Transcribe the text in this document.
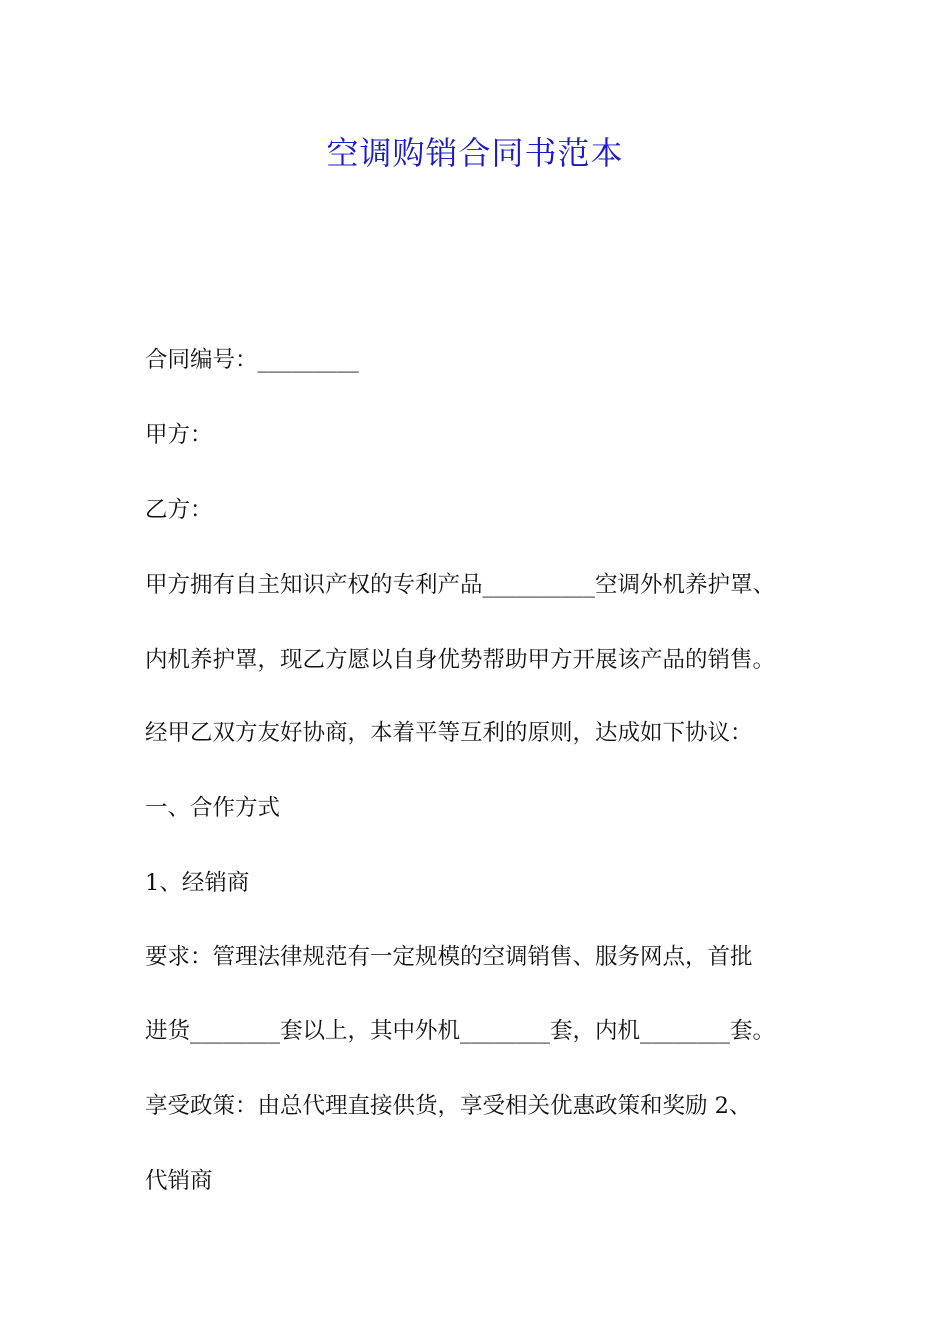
空调购销合同书范本
合同编号：_________
甲方：
乙方：
甲方拥有自主知识产权的专利产品__________空调外机养护罩、
内机养护罩，现乙方愿以自身优势帮助甲方开展该产品的销售。
经甲乙双方友好协商，本着平等互利的原则，达成如下协议：
一、合作方式
1、经销商
要求：管理法律规范有一定规模的空调销售、服务网点，首批
进货________套以上，其中外机________套，内机________套。
享受政策：由总代理直接供货，享受相关优惠政策和奖励 2、
代销商
